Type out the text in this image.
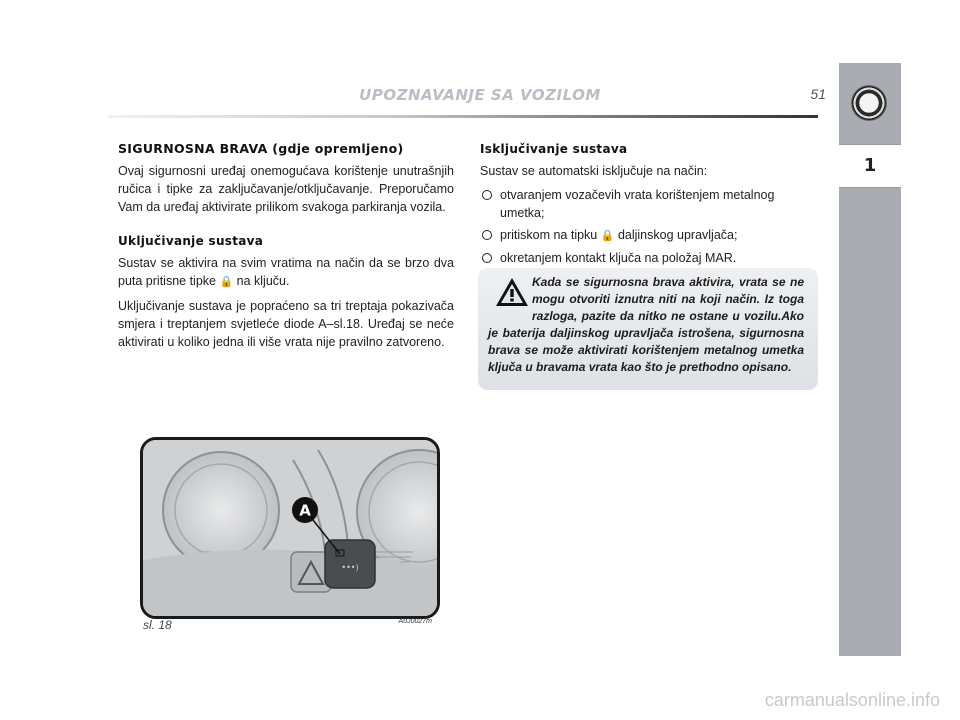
UPOZNAVANJE SA VOZILOM	51
1
SIGURNOSNA BRAVA (gdje opremljeno)

Ovaj sigurnosni uređaj onemogućava korištenje unutrašnjih ručica i tipke za zaključavanje/otključavanje. Preporučamo Vam da uređaj aktivirate prilikom svakoga parkiranja vozila.

Uključivanje sustava

Sustav se aktivira na svim vratima na način da se brzo dva puta pritisne tipke 🔒 na ključu.

Uključivanje sustava je popraćeno sa tri treptaja pokazivača smjera i treptanjem svjetleće diode A–sl.18. Uređaj se neće aktivirati u koliko jedna ili više vrata nije pravilno zatvoreno.

Isključivanje sustava

Sustav se automatski isključuje na način:

otvaranjem vozačevih vrata korištenjem metalnog umetka;
pritiskom na tipku 🔒 daljinskog upravljača;
okretanjem kontakt ključa na položaj MAR.
Kada se sigurnosna brava aktivira, vrata se ne mogu otvoriti iznutra niti na koji način. Iz toga razloga, pazite da nitko ne ostane u vozilu.Ako je baterija daljinskog upravljača istrošena, sigurnosna brava se može aktivirati korištenjem metalnog umetka ključa u bravama vrata kao što je prethodno opisano.
•••)
A
sl. 18	A0J0027m
carmanualsonline.info
